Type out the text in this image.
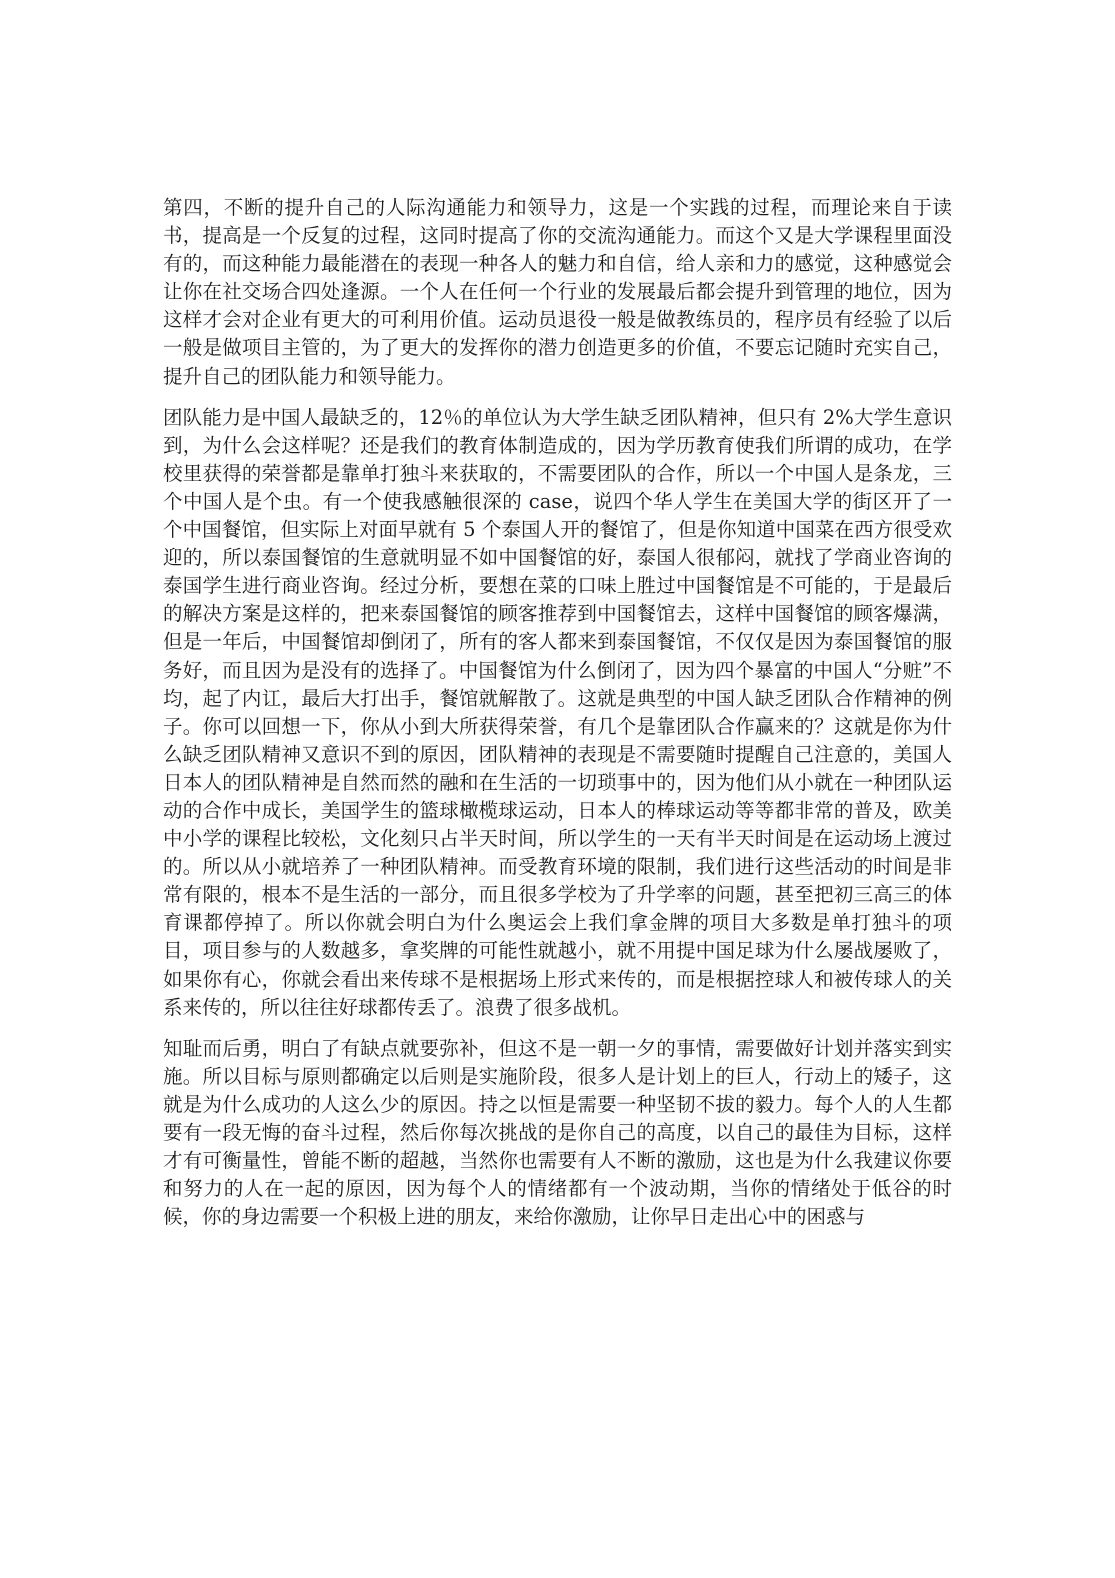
第四，不断的提升自己的人际沟通能力和领导力，这是一个实践的过程，而理论来自于读书，提高是一个反复的过程，这同时提高了你的交流沟通能力。而这个又是大学课程里面没有的，而这种能力最能潜在的表现一种各人的魅力和自信，给人亲和力的感觉，这种感觉会让你在社交场合四处逢源。一个人在任何一个行业的发展最后都会提升到管理的地位，因为这样才会对企业有更大的可利用价值。运动员退役一般是做教练员的，程序员有经验了以后一般是做项目主管的，为了更大的发挥你的潜力创造更多的价值，不要忘记随时充实自己，提升自己的团队能力和领导能力。

团队能力是中国人最缺乏的，12％的单位认为大学生缺乏团队精神，但只有 2%大学生意识到，为什么会这样呢？还是我们的教育体制造成的，因为学历教育使我们所谓的成功，在学校里获得的荣誉都是靠单打独斗来获取的，不需要团队的合作，所以一个中国人是条龙，三个中国人是个虫。有一个使我感触很深的 case，说四个华人学生在美国大学的街区开了一个中国餐馆，但实际上对面早就有 5 个泰国人开的餐馆了，但是你知道中国菜在西方很受欢迎的，所以泰国餐馆的生意就明显不如中国餐馆的好，泰国人很郁闷，就找了学商业咨询的泰国学生进行商业咨询。经过分析，要想在菜的口味上胜过中国餐馆是不可能的，于是最后的解决方案是这样的，把来泰国餐馆的顾客推荐到中国餐馆去，这样中国餐馆的顾客爆满，但是一年后，中国餐馆却倒闭了，所有的客人都来到泰国餐馆，不仅仅是因为泰国餐馆的服务好，而且因为是没有的选择了。中国餐馆为什么倒闭了，因为四个暴富的中国人“分赃”不均，起了内讧，最后大打出手，餐馆就解散了。这就是典型的中国人缺乏团队合作精神的例子。你可以回想一下，你从小到大所获得荣誉，有几个是靠团队合作赢来的？这就是你为什么缺乏团队精神又意识不到的原因，团队精神的表现是不需要随时提醒自己注意的，美国人日本人的团队精神是自然而然的融和在生活的一切琐事中的，因为他们从小就在一种团队运动的合作中成长，美国学生的篮球橄榄球运动，日本人的棒球运动等等都非常的普及，欧美中小学的课程比较松，文化刻只占半天时间，所以学生的一天有半天时间是在运动场上渡过的。所以从小就培养了一种团队精神。而受教育环境的限制，我们进行这些活动的时间是非常有限的，根本不是生活的一部分，而且很多学校为了升学率的问题，甚至把初三高三的体育课都停掉了。所以你就会明白为什么奥运会上我们拿金牌的项目大多数是单打独斗的项目，项目参与的人数越多，拿奖牌的可能性就越小，就不用提中国足球为什么屡战屡败了，如果你有心，你就会看出来传球不是根据场上形式来传的，而是根据控球人和被传球人的关系来传的，所以往往好球都传丢了。浪费了很多战机。

知耻而后勇，明白了有缺点就要弥补，但这不是一朝一夕的事情，需要做好计划并落实到实施。所以目标与原则都确定以后则是实施阶段，很多人是计划上的巨人，行动上的矮子，这就是为什么成功的人这么少的原因。持之以恒是需要一种坚韧不拔的毅力。每个人的人生都要有一段无悔的奋斗过程，然后你每次挑战的是你自己的高度，以自己的最佳为目标，这样才有可衡量性，曾能不断的超越，当然你也需要有人不断的激励，这也是为什么我建议你要和努力的人在一起的原因，因为每个人的情绪都有一个波动期，当你的情绪处于低谷的时候，你的身边需要一个积极上进的朋友，来给你激励，让你早日走出心中的困惑与
